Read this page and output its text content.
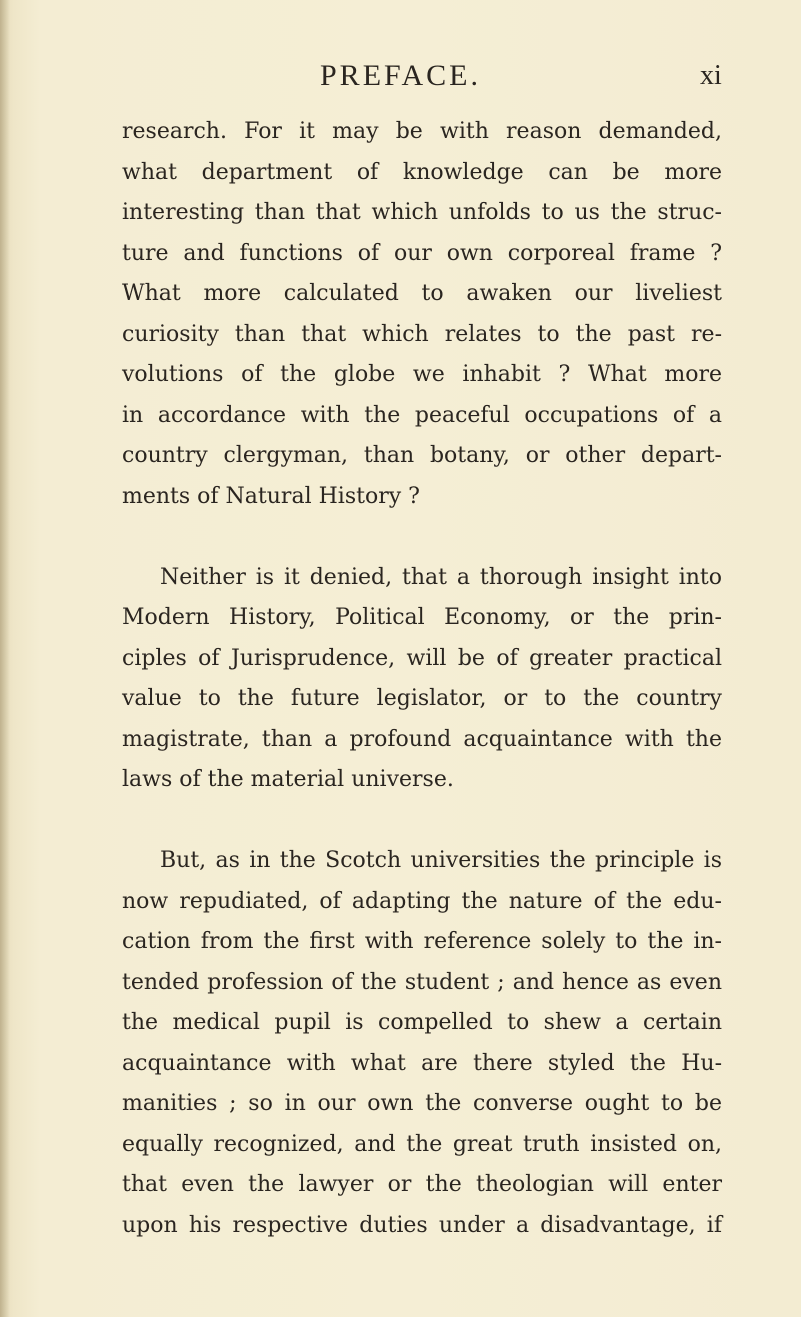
PREFACE.	xi

research. For it may be with reason demanded,
what department of knowledge can be more
interesting than that which unfolds to us the struc-
ture and functions of our own corporeal frame ?
What more calculated to awaken our liveliest
curiosity than that which relates to the past re-
volutions of the globe we inhabit ? What more
in accordance with the peaceful occupations of a
country clergyman, than botany, or other depart-
ments of Natural History ?

Neither is it denied, that a thorough insight into
Modern History, Political Economy, or the prin-
ciples of Jurisprudence, will be of greater practical
value to the future legislator, or to the country
magistrate, than a profound acquaintance with the
laws of the material universe.

But, as in the Scotch universities the principle is
now repudiated, of adapting the nature of the edu-
cation from the first with reference solely to the in-
tended profession of the student ; and hence as even
the medical pupil is compelled to shew a certain
acquaintance with what are there styled the Hu-
manities ; so in our own the converse ought to be
equally recognized, and the great truth insisted on,
that even the lawyer or the theologian will enter
upon his respective duties under a disadvantage, if
